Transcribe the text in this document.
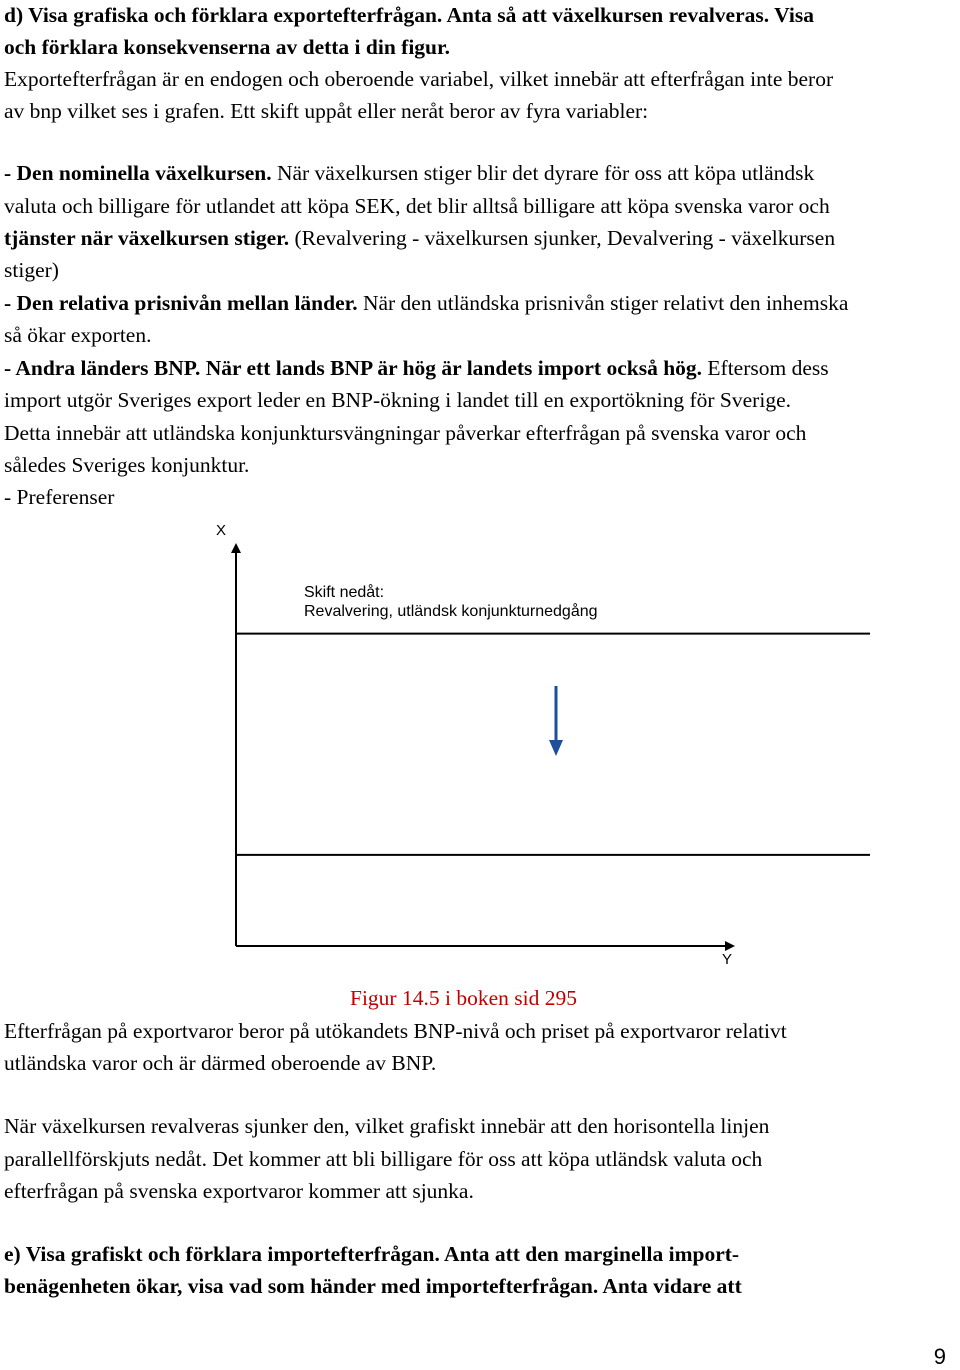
d) Visa grafiska och förklara exportefterfrågan. Anta så att växelkursen revalveras. Visa
och förklara konsekvenserna av detta i din figur.
Exportefterfrågan är en endogen och oberoende variabel, vilket innebär att efterfrågan inte beror
av bnp vilket ses i grafen. Ett skift uppåt eller neråt beror av fyra variabler:
- Den nominella växelkursen. När växelkursen stiger blir det dyrare för oss att köpa utländsk
valuta och billigare för utlandet att köpa SEK, det blir alltså billigare att köpa svenska varor och
tjänster när växelkursen stiger. (Revalvering - växelkursen sjunker, Devalvering - växelkursen
stiger)
- Den relativa prisnivån mellan länder. När den utländska prisnivån stiger relativt den inhemska
så ökar exporten.
- Andra länders BNP. När ett lands BNP är hög är landets import också hög. Eftersom dess
import utgör Sveriges export leder en BNP-ökning i landet till en exportökning för Sverige.
Detta innebär att utländska konjunktursvängningar påverkar efterfrågan på svenska varor och
således Sveriges konjunktur.
- Preferenser
X
Y
Skift nedåt:
Revalvering, utländsk konjunkturnedgång
Figur 14.5 i boken sid 295
Efterfrågan på exportvaror beror på utökandets BNP-nivå och priset på exportvaror relativt
utländska varor och är därmed oberoende av BNP.
När växelkursen revalveras sjunker den, vilket grafiskt innebär att den horisontella linjen
parallellförskjuts nedåt. Det kommer att bli billigare för oss att köpa utländsk valuta och
efterfrågan på svenska exportvaror kommer att sjunka.
e) Visa grafiskt och förklara importefterfrågan. Anta att den marginella import-
benägenheten ökar, visa vad som händer med importefterfrågan. Anta vidare att
9
